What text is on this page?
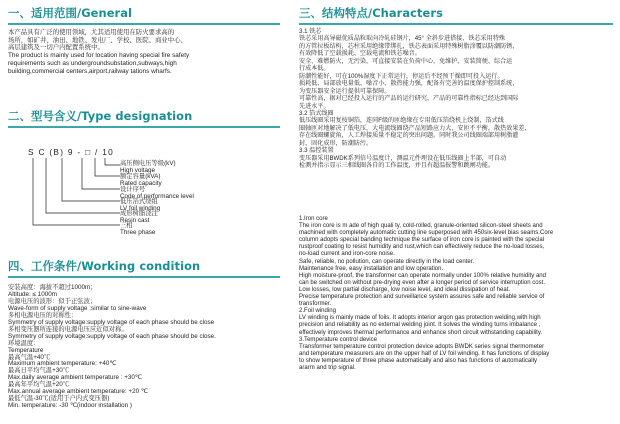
一、适用范围/General
本产品具有广泛的使用领域，尤其适用使用在防火要求高的
场所，如矿井、油田、地铁、发电厂、学校、医院、商业中心、
高层建筑及一切户内配置系统中。
The product is mainly used for location having special fire safety
requirements such as undergroundsubstation,subways,high
building,commercial centers,airport,railway tations wharfs.
二、型号含义/Type designation
S C (B) 9 - □ / 10
高压侧电压等级(kV)
High voltage
额定容量(kVA)
Rated capacity
设计序号
Code of performance level
低压箔式绕组
LV foil winding
成形树脂浇注
Resin cast
三相
Three phase
四、工作条件/Working condition
安装高度：海拔不超过1000m；
Altitude: ≤ 1000m
电源电压的波形：似于正弦波；
Wave-form of supply voltage :similar to sine-wave
多相电源电压的对称性：
Symmetry of supply voltage:supply voltage of each phase should be close
多相变压器所连接的电源电压应近似对称。
Symmetry of supply voltage:supply voltage of each phase should be close.
环境温度：
Temperature
最高气温+40℃
Maximum ambient temperature: +40℃
最高日平均气温+30℃
Max.daily average ambient temperature : +30℃
最高年平均气温+20℃
Max.annual average ambient temperature: +20 ℃
最低气温-30℃(适用于户内式变压器)
Min. temperature: -30 ℃(indoor installation )
三、结构特点/Characters
3.1 铁芯
铁芯采用高导磁优质晶粒取向冷轧硅钢片，45° 全斜步进搭接，铁芯采用特殊
的方管拉板结构，芯柱采用绝缘带绑扎，铁芯表面采用特殊树脂涂覆以防潮防锈，
有效降低了空载损耗、空载电流和铁芯噪音。
安全、难燃防火，无污染，可直接安装在负荷中心，免维护、安装简便、综合运
行成本低。
防潮性能好，可在100%湿度下正常运行，停运后不经预干燥即可投入运行。
损耗低、局部放电量低、噪音小、散热能力强，配备有完善的温度保护控制系统，
为变压器安全运行提供可靠保障。
可靠性高，据对已经投入运行的产品的运行研究，产品的可靠性指标已经达到国际
先进水平。
3.2 箔式线圈
低压线圈采用复按铜箔，连同F级的匝绝缘在专用低压箔绕机上绕制，箔式线
圈轴匝对地解决了低电压，大电流线圈绕产品短路应力大，安匝不平衡，散热效果差，
存在线圈螺旋角，人工焊接质量不稳定的突出问题。同时我公司线圈端部用树脂灌
封，固化成形，防潮防污。
3.3 温控装置
变压器采用BWDK系列信号温度计，测温元件埋设在低压线圈上半部，可自动
检测并指示显示三相线圈各自的工作温度，并且有超温报警和跳闸功能。
1.Iron core
The iron core is m ade of high quali ty, cold-rolled, granule-oriented silicon-steel sheets and
machined with completely automatic cutting line superposed with 450six-level bias seams.Core
column adopts special banding technique the surface of iron core is painted with the special
rustproof coating to resist humidity and rust,which can effectively reduce the no-load losses,
no-load current and iron-core noise.
Safe, reliable, no pollution, can operate directly in the load center.
Maintenance free, easy installation and low operation.
High moisture-proof, the transformer can operate normally under 100% relative humidity and
can be switched on without pre-drying even after a longer period of service interruption cost.
Low losses, low partial discharge, low noise level, and ideal dissipation of heat.
Precise temperature protection and surveillance system assures safe and reliable service of
transformer.
2.Foil winding
LV winding is mainly made of foils. It adopts interior argon gas protection welding,with high
precision and reliability as no external welding joint. It solves the winding turns imbalance ,
effectively improves thermal performance and enhance short circuit withstanding capability.
3.Temperature control device
Transformer temperature control protection device adopts BWDK series signal thermometer
and temperature measurers are on the upper half of LV foil winding. It has functions of display
to show temperature of three phase automatically and also has functions of automatically
ararm and trip signal.
